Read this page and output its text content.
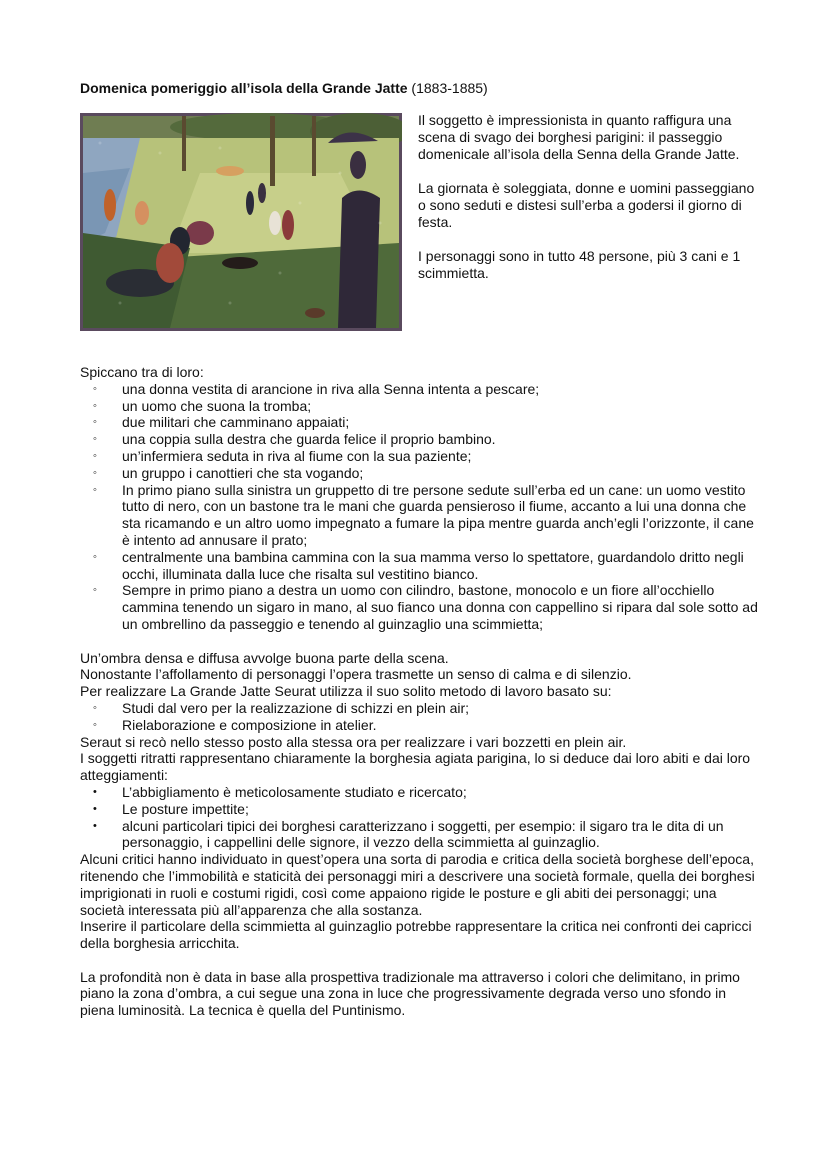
Domenica pomeriggio all’isola della Grande Jatte (1883-1885)

Il soggetto è impressionista in quanto raffigura una scena di svago dei borghesi parigini: il passeggio domenicale all’isola della Senna della Grande Jatte.

La giornata è soleggiata, donne e uomini passeggiano o sono seduti e distesi sull’erba a godersi il giorno di festa.

I personaggi sono in tutto 48 persone, più 3 cani e 1 scimmietta.

Spiccano tra di loro:

◦ una donna vestita di arancione in riva alla Senna intenta a pescare;
◦ un uomo che suona la tromba;
◦ due militari che camminano appaiati;
◦ una coppia sulla destra che guarda felice il proprio bambino.
◦ un’infermiera seduta in riva al fiume con la sua paziente;
◦ un gruppo i canottieri che sta vogando;
◦ In primo piano sulla sinistra un gruppetto di tre persone sedute sull’erba ed un cane: un uomo vestito tutto di nero, con un bastone tra le mani che guarda pensieroso il fiume, accanto a lui una donna che sta ricamando e un altro uomo impegnato a fumare la pipa mentre guarda anch’egli l’orizzonte, il cane è intento ad annusare il prato;
◦ centralmente una bambina cammina con la sua mamma verso lo spettatore, guardandolo dritto negli occhi, illuminata dalla luce che risalta sul vestitino bianco.
◦ Sempre in primo piano a destra un uomo con cilindro, bastone, monocolo e un fiore all’occhiello cammina tenendo un sigaro in mano, al suo fianco una donna con cappellino si ripara dal sole sotto ad un ombrellino da passeggio e tenendo al guinzaglio una scimmietta;

Un’ombra densa e diffusa avvolge buona parte della scena.

Nonostante l’affollamento di personaggi l’opera trasmette un senso di calma e di silenzio.

Per realizzare La Grande Jatte Seurat utilizza il suo solito metodo di lavoro basato su:

◦ Studi dal vero per la realizzazione di schizzi en plein air;
◦ Rielaborazione e composizione in atelier.

Seraut si recò nello stesso posto alla stessa ora per realizzare i vari bozzetti en plein air.

I soggetti ritratti rappresentano chiaramente la borghesia agiata parigina, lo si deduce dai loro abiti e dai loro atteggiamenti:

• L’abbigliamento è meticolosamente studiato e ricercato;
• Le posture impettite;
• alcuni particolari tipici dei borghesi caratterizzano i soggetti, per esempio: il sigaro tra le dita di un personaggio, i cappellini delle signore, il vezzo della scimmietta al guinzaglio.

Alcuni critici hanno individuato in quest’opera una sorta di parodia e critica della società borghese dell’epoca, ritenendo che l’immobilità e staticità dei personaggi miri a descrivere una società formale, quella dei borghesi imprigionati in ruoli e costumi rigidi, così come appaiono rigide le posture e gli abiti dei personaggi; una società interessata più all’apparenza che alla sostanza.

Inserire il particolare della scimmietta al guinzaglio potrebbe rappresentare la critica nei confronti dei capricci della borghesia arricchita.

La profondità non è data in base alla prospettiva tradizionale ma attraverso i colori che delimitano, in primo piano la zona d’ombra, a cui segue una zona in luce che progressivamente degrada verso uno sfondo in piena luminosità. La tecnica è quella del Puntinismo.
